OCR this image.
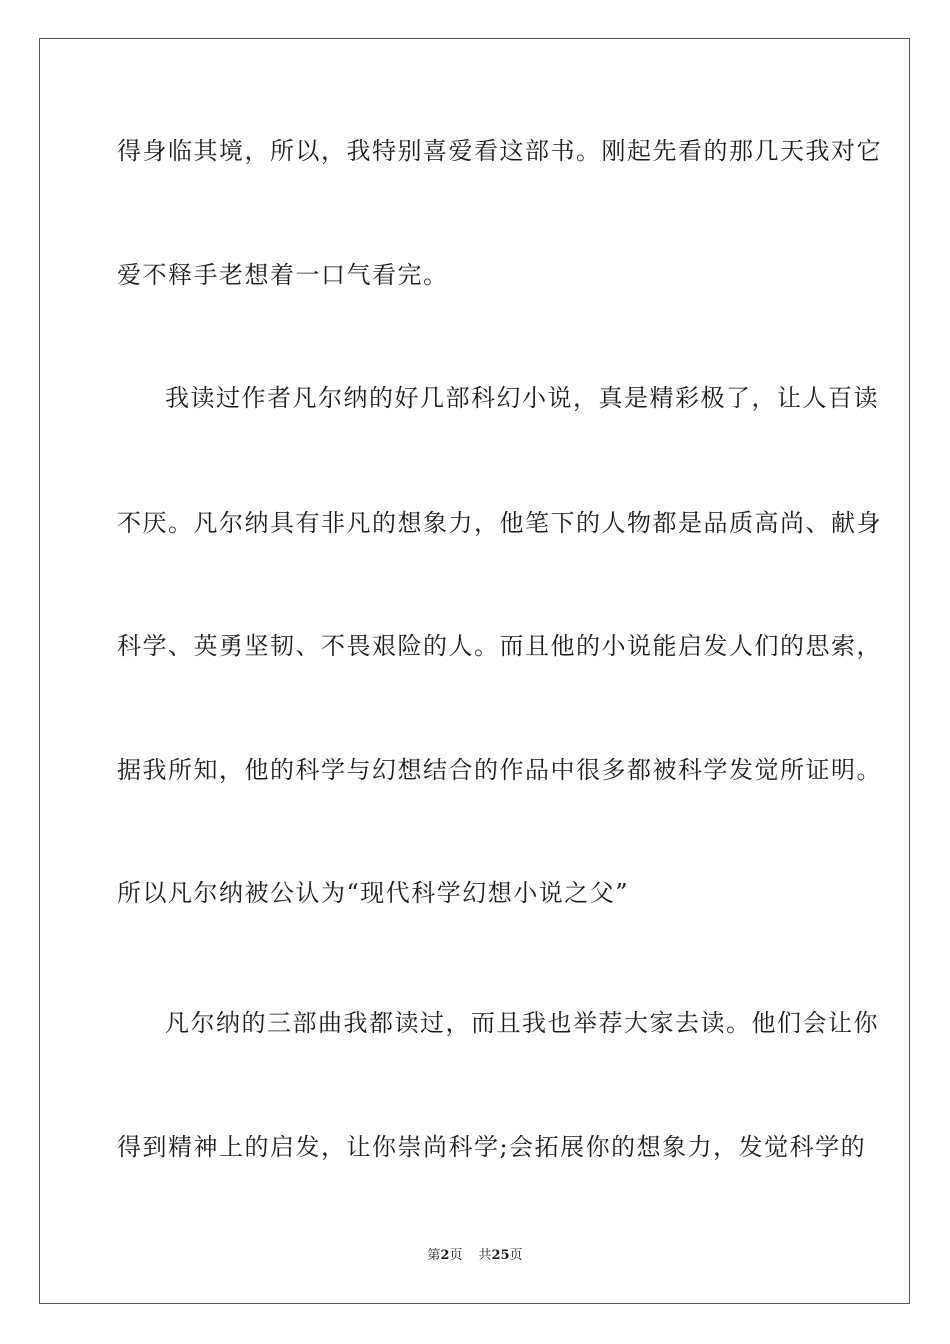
得身临其境，所以，我特别喜爱看这部书。刚起先看的那几天我对它
爱不释手老想着一口气看完。
我读过作者凡尔纳的好几部科幻小说，真是精彩极了，让人百读
不厌。凡尔纳具有非凡的想象力，他笔下的人物都是品质高尚、献身
科学、英勇坚韧、不畏艰险的人。而且他的小说能启发人们的思索，
据我所知，他的科学与幻想结合的作品中很多都被科学发觉所证明。
所以凡尔纳被公认为“现代科学幻想小说之父”
凡尔纳的三部曲我都读过，而且我也举荐大家去读。他们会让你
得到精神上的启发，让你崇尚科学;会拓展你的想象力，发觉科学的
第2页 共25页
